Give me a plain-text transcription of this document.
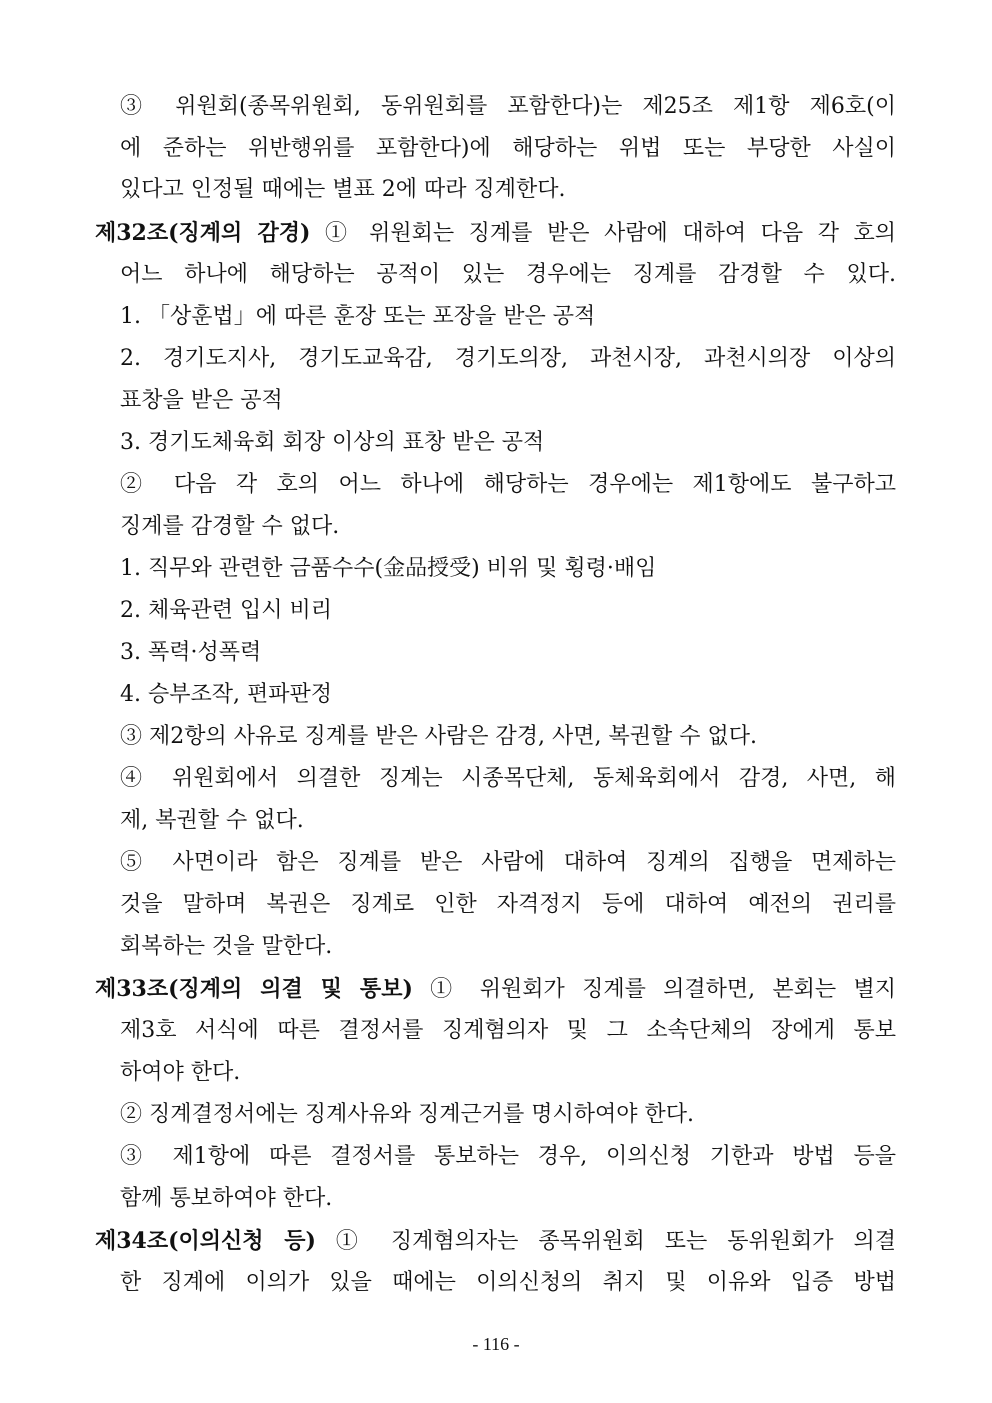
③ 위원회(종목위원회, 동위원회를 포함한다)는 제25조 제1항 제6호(이
에 준하는 위반행위를 포함한다)에 해당하는 위법 또는 부당한 사실이
있다고 인정될 때에는 별표 2에 따라 징계한다.
제32조(징계의 감경) ① 위원회는 징계를 받은 사람에 대하여 다음 각 호의
어느 하나에 해당하는 공적이 있는 경우에는 징계를 감경할 수 있다.
1. 「상훈법」에 따른 훈장 또는 포장을 받은 공적
2. 경기도지사, 경기도교육감, 경기도의장, 과천시장, 과천시의장 이상의
표창을 받은 공적
3. 경기도체육회 회장 이상의 표창 받은 공적
② 다음 각 호의 어느 하나에 해당하는 경우에는 제1항에도 불구하고
징계를 감경할 수 없다.
1. 직무와 관련한 금품수수(金品授受) 비위 및 횡령·배임
2. 체육관련 입시 비리
3. 폭력·성폭력
4. 승부조작, 편파판정
③ 제2항의 사유로 징계를 받은 사람은 감경, 사면, 복권할 수 없다.
④ 위원회에서 의결한 징계는 시종목단체, 동체육회에서 감경, 사면, 해
제, 복권할 수 없다.
⑤ 사면이라 함은 징계를 받은 사람에 대하여 징계의 집행을 면제하는
것을 말하며 복권은 징계로 인한 자격정지 등에 대하여 예전의 권리를
회복하는 것을 말한다.
제33조(징계의 의결 및 통보) ① 위원회가 징계를 의결하면, 본회는 별지
제3호 서식에 따른 결정서를 징계혐의자 및 그 소속단체의 장에게 통보
하여야 한다.
② 징계결정서에는 징계사유와 징계근거를 명시하여야 한다.
③ 제1항에 따른 결정서를 통보하는 경우, 이의신청 기한과 방법 등을
함께 통보하여야 한다.
제34조(이의신청 등) ① 징계혐의자는 종목위원회 또는 동위원회가 의결
한 징계에 이의가 있을 때에는 이의신청의 취지 및 이유와 입증 방법
- 116 -
